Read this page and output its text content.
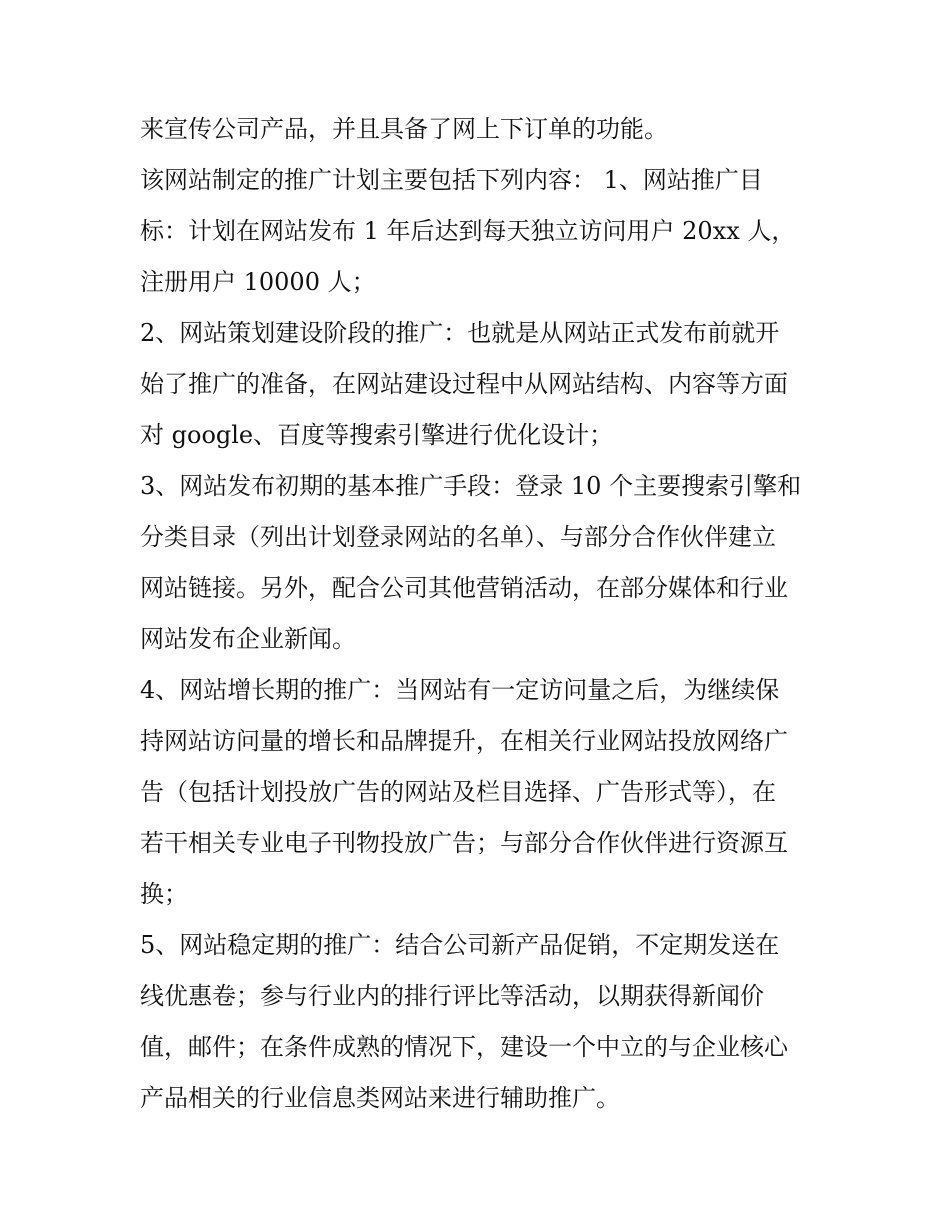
来宣传公司产品，并且具备了网上下订单的功能。
该网站制定的推广计划主要包括下列内容： 1、网站推广目
标：计划在网站发布 1 年后达到每天独立访问用户 20xx 人，
注册用户 10000 人；
2、网站策划建设阶段的推广：也就是从网站正式发布前就开
始了推广的准备，在网站建设过程中从网站结构、内容等方面
对 google、百度等搜索引擎进行优化设计；
3、网站发布初期的基本推广手段：登录 10 个主要搜索引擎和
分类目录（列出计划登录网站的名单）、与部分合作伙伴建立
网站链接。另外，配合公司其他营销活动，在部分媒体和行业
网站发布企业新闻。
4、网站增长期的推广：当网站有一定访问量之后，为继续保
持网站访问量的增长和品牌提升，在相关行业网站投放网络广
告（包括计划投放广告的网站及栏目选择、广告形式等），在
若干相关专业电子刊物投放广告；与部分合作伙伴进行资源互
换；
5、网站稳定期的推广：结合公司新产品促销，不定期发送在
线优惠卷；参与行业内的排行评比等活动，以期获得新闻价
值，邮件；在条件成熟的情况下，建设一个中立的与企业核心
产品相关的行业信息类网站来进行辅助推广。
